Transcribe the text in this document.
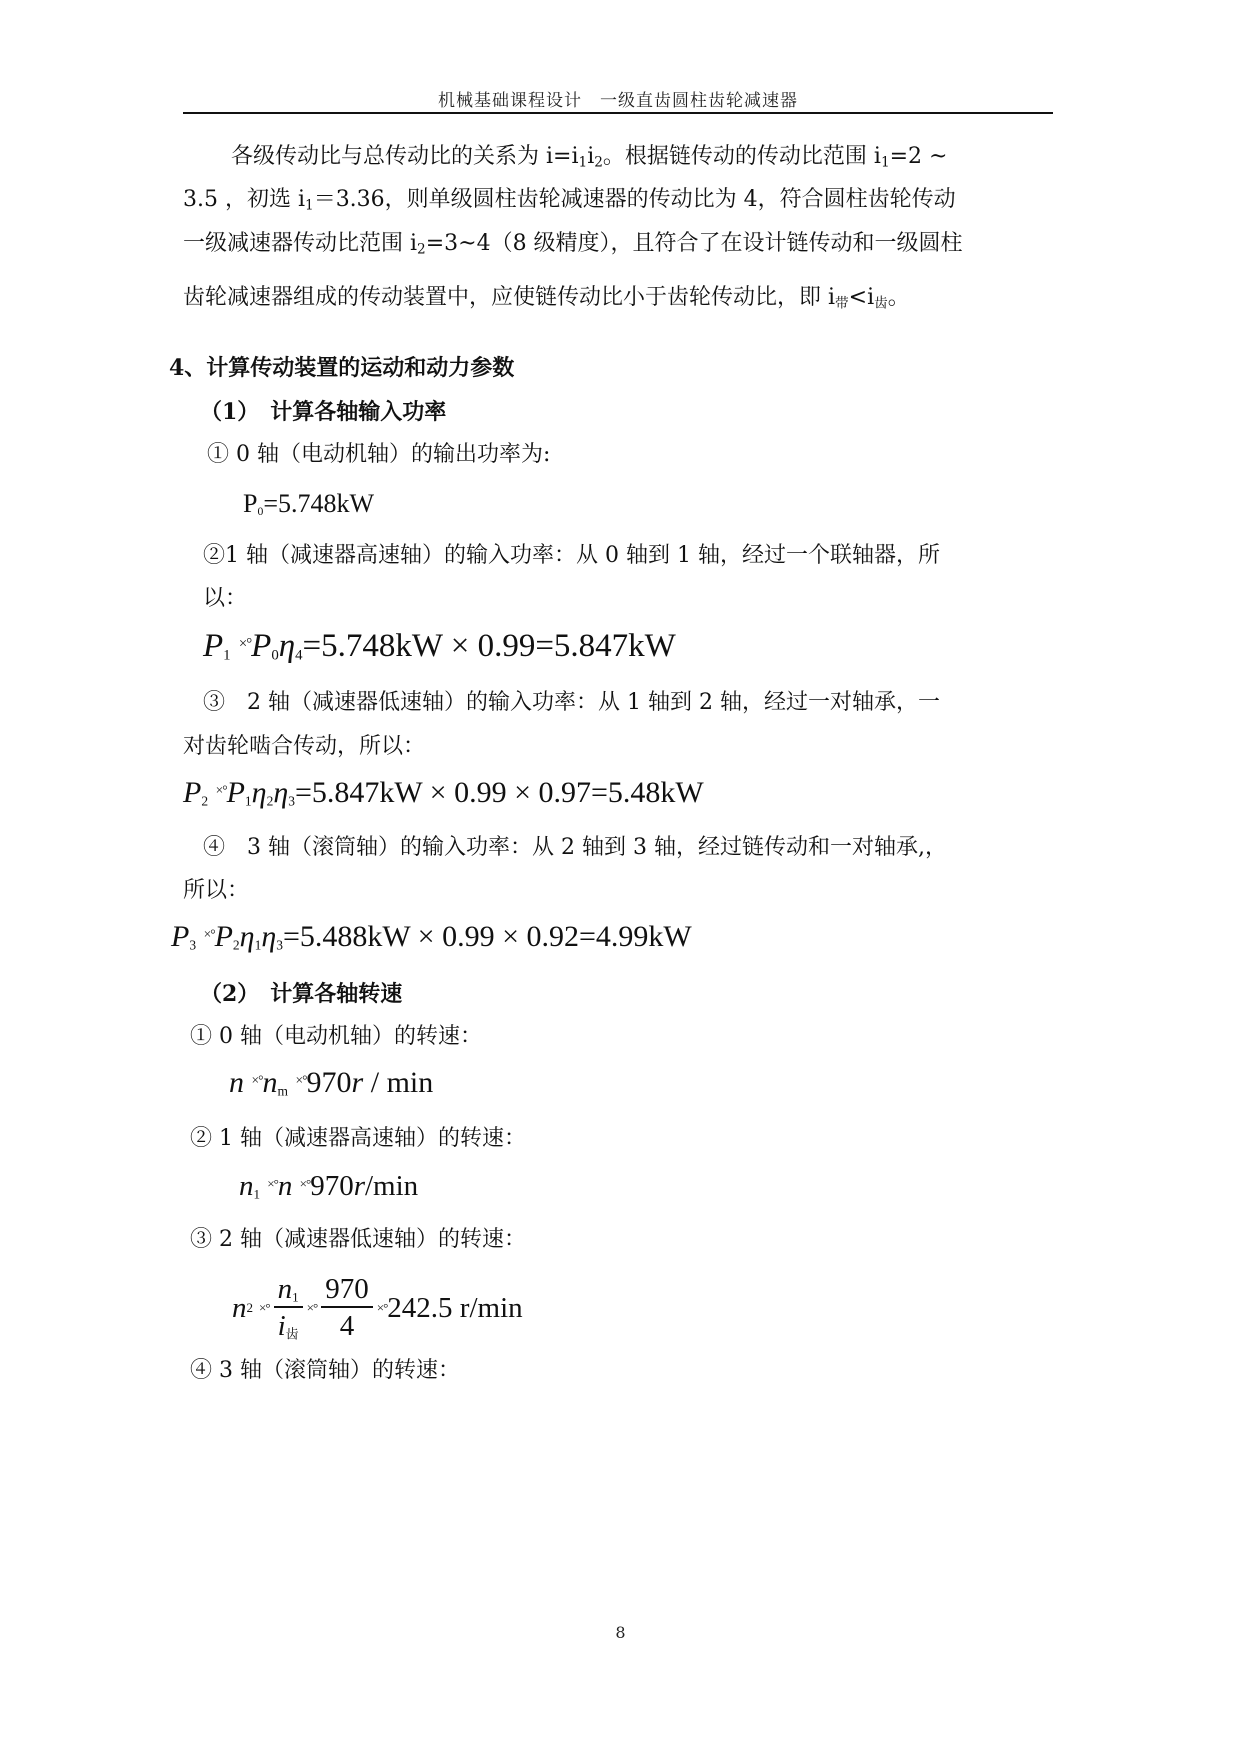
机械基础课程设计　一级直齿圆柱齿轮减速器
各级传动比与总传动比的关系为 i=i1i2。根据链传动的传动比范围 i1=2 ~
3.5 ，初选 i1＝3.36，则单级圆柱齿轮减速器的传动比为 4，符合圆柱齿轮传动
一级减速器传动比范围 i2=3~4（8 级精度），且符合了在设计链传动和一级圆柱
齿轮减速器组成的传动装置中，应使链传动比小于齿轮传动比，即 i带<i齿。
4、计算传动装置的运动和动力参数
（1）　计算各轴输入功率
① 0 轴（电动机轴）的输出功率为:
$P_0=5.748kW$
②1 轴（减速器高速轴）的输入功率：从 0 轴到 1 轴，经过一个联轴器，所
以：
$P_1$ $^{\times^\circ}P_0\eta_4=5.748kW \times 0.99=5.847kW$
③　2 轴（减速器低速轴）的输入功率：从 1 轴到 2 轴，经过一对轴承，一
对齿轮啮合传动，所以：
$P_2$ $^{\times^\circ}P_1\eta_2\eta_3=5.847kW \times 0.99 \times 0.97=5.48kW$
④　3 轴（滚筒轴）的输入功率：从 2 轴到 3 轴，经过链传动和一对轴承,，
所以：
$P_3$ $^{\times^\circ}P_2\eta_1\eta_3=5.488kW \times 0.99 \times 0.92=4.99kW$
（2）　计算各轴转速
① 0 轴（电动机轴）的转速：
n $^{\times^\circ}n_m$ ×°970r / min
② 1 轴（减速器高速轴）的转速：
$n_1$ ×°n ×°970r/min
③ 2 轴（减速器低速轴）的转速：
n 2 ×° $\frac{n_1}{i_齿}$ ×° $\frac{970}{4}$ ×° 242.5 r/min
④ 3 轴（滚筒轴）的转速：
8
